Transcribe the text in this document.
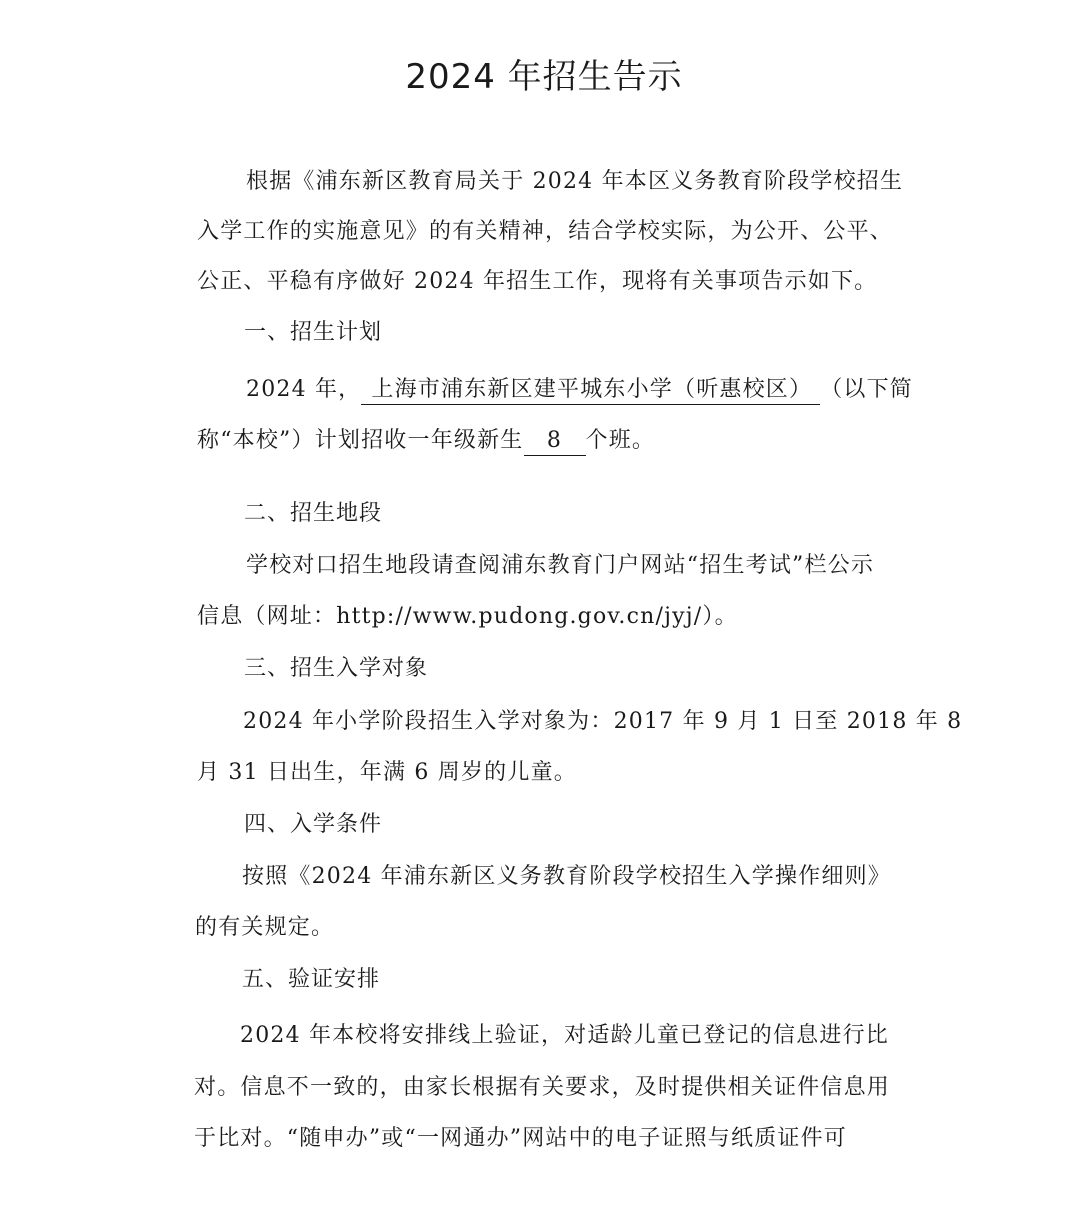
2024 年招生告示
根据《浦东新区教育局关于 2024 年本区义务教育阶段学校招生
入学工作的实施意见》的有关精神，结合学校实际，为公开、公平、
公正、平稳有序做好 2024 年招生工作，现将有关事项告示如下。
一、招生计划
2024 年， 上海市浦东新区建平城东小学（听惠校区） （以下简
称“本校”）计划招收一年级新生 8 个班。
二、招生地段
学校对口招生地段请查阅浦东教育门户网站“招生考试”栏公示
信息（网址：http://www.pudong.gov.cn/jyj/）。
三、招生入学对象
2024 年小学阶段招生入学对象为：2017 年 9 月 1 日至 2018 年 8
月 31 日出生，年满 6 周岁的儿童。
四、入学条件
按照《2024 年浦东新区义务教育阶段学校招生入学操作细则》
的有关规定。
五、验证安排
2024 年本校将安排线上验证，对适龄儿童已登记的信息进行比
对。信息不一致的，由家长根据有关要求，及时提供相关证件信息用
于比对。“随申办”或“一网通办”网站中的电子证照与纸质证件可
